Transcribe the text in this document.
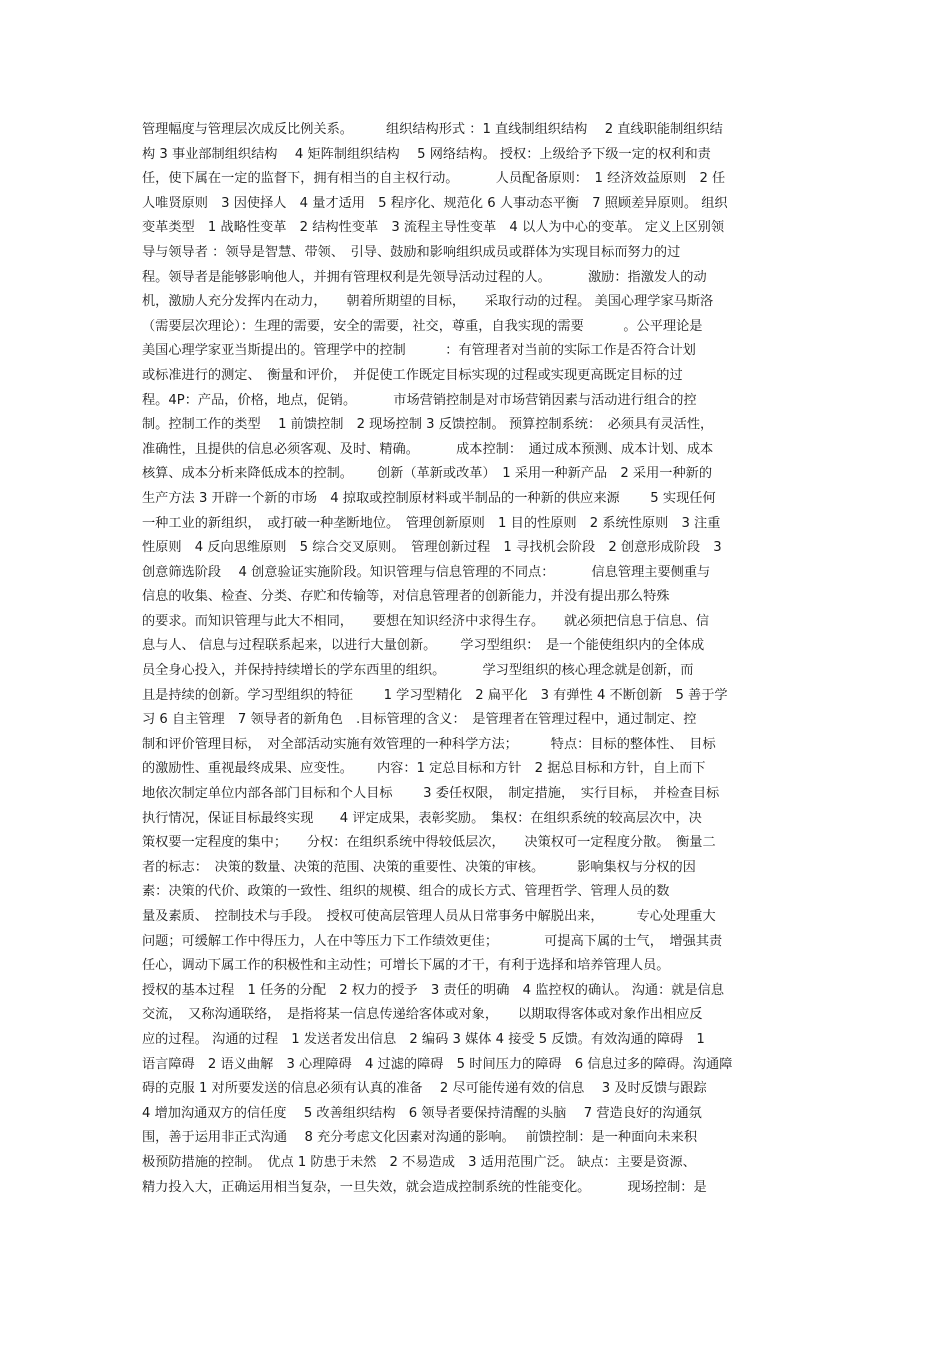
管理幅度与管理层次成反比例关系。　　　组织结构形式 ：1 直线制组织结构　 2 直线职能制组织结
构 3 事业部制组织结构　 4 矩阵制组织结构　 5 网络结构。 授权：上级给予下级一定的权利和责
任，使下属在一定的监督下，拥有相当的自主权行动。　　　 人员配备原则：　1 经济效益原则　2 任
人唯贤原则　3 因使择人　4 量才适用　5 程序化、规范化 6 人事动态平衡　7 照顾差异原则。 组织
变革类型　1 战略性变革　2 结构性变革　3 流程主导性变革　4 以人为中心的变革。 定义上区别领
导与领导者 ：领导是智慧、带领、　引导、鼓励和影响组织成员或群体为实现目标而努力的过
程。领导者是能够影响他人，并拥有管理权利是先领导活动过程的人。　　　 激励：指激发人的动
机，激励人充分发挥内在动力，　　朝着所期望的目标，　　采取行动的过程。 美国心理学家马斯洛
（需要层次理论）：生理的需要，安全的需要，社交，尊重，自我实现的需要　　　。公平理论是
美国心理学家亚当斯提出的。管理学中的控制　　　：有管理者对当前的实际工作是否符合计划
或标准进行的测定、　衡量和评价，　并促使工作既定目标实现的过程或实现更高既定目标的过
程。4P：产品，价格，地点，促销。　　　 市场营销控制是对市场营销因素与活动进行组合的控
制。控制工作的类型　 1 前馈控制　2 现场控制 3 反馈控制。 预算控制系统：　必须具有灵活性，
准确性，且提供的信息必须客观、及时、精确。　　　 成本控制：　通过成本预测、成本计划、成本
核算、成本分析来降低成本的控制。　　 创新（革新或改革）　1 采用一种新产品　2 采用一种新的
生产方法 3 开辟一个新的市场　4 掠取或控制原材料或半制品的一种新的供应来源　　 5 实现任何
一种工业的新组织，　或打破一种垄断地位。　管理创新原则　1 目的性原则　2 系统性原则　3 注重
性原则　4 反向思维原则　5 综合交叉原则。　管理创新过程　1 寻找机会阶段　2 创意形成阶段　3
创意筛选阶段　 4 创意验证实施阶段。知识管理与信息管理的不同点：　　　 信息管理主要侧重与
信息的收集、检查、分类、存贮和传输等，对信息管理者的创新能力，并没有提出那么特殊
的要求。而知识管理与此大不相同，　　要想在知识经济中求得生存。　　就必须把信息于信息、信
息与人、 信息与过程联系起来，以进行大量创新。　　 学习型组织：　是一个能使组织内的全体成
员全身心投入，并保持持续增长的学东西里的组织。　　　 学习型组织的核心理念就是创新，而
且是持续的创新。学习型组织的特征　　 1 学习型精化　2 扁平化　3 有弹性 4 不断创新　5 善于学
习 6 自主管理　7 领导者的新角色　.目标管理的含义：　是管理者在管理过程中，通过制定、控
制和评价管理目标，　对全部活动实施有效管理的一种科学方法；　　　特点：目标的整体性、　目标
的激励性、重视最终成果、应变性。　　 内容：1 定总目标和方针　2 据总目标和方针，自上而下
地依次制定单位内部各部门目标和个人目标　　 3 委任权限，　制定措施，　实行目标，　并检查目标
执行情况，保证目标最终实现　　4 评定成果，表彰奖励。　集权：在组织系统的较高层次中，决
策权要一定程度的集中；　　分权：在组织系统中得较低层次，　　决策权可一定程度分散。　衡量二
者的标志：　决策的数量、决策的范围、决策的重要性、决策的审核。　　　影响集权与分权的因
素：决策的代价、政策的一致性、组织的规模、组合的成长方式、管理哲学、管理人员的数
量及素质、　控制技术与手段。　授权可使高层管理人员从日常事务中解脱出来，　　　专心处理重大
问题；可缓解工作中得压力，人在中等压力下工作绩效更佳；　　　　可提高下属的士气，　增强其责
任心，调动下属工作的积极性和主动性；可增长下属的才干，有利于选择和培养管理人员。
授权的基本过程　1 任务的分配　2 权力的授予　3 责任的明确　4 监控权的确认。 沟通：就是信息
交流，　又称沟通联络，　是指将某一信息传递给客体或对象，　　以期取得客体或对象作出相应反
应的过程。 沟通的过程　1 发送者发出信息　2 编码 3 媒体 4 接受 5 反馈。有效沟通的障碍　1
语言障碍　2 语义曲解　3 心理障碍　4 过滤的障碍　5 时间压力的障碍　6 信息过多的障碍。沟通障
碍的克服 1 对所要发送的信息必须有认真的准备　 2 尽可能传递有效的信息　 3 及时反馈与跟踪
4 增加沟通双方的信任度　 5 改善组织结构　6 领导者要保持清醒的头脑　 7 营造良好的沟通氛
围，善于运用非正式沟通　 8 充分考虑文化因素对沟通的影响。　 前馈控制：是一种面向未来积
极预防措施的控制。　优点 1 防患于未然　2 不易造成　3 适用范围广泛。 缺点：主要是资源、
精力投入大，正确运用相当复杂，一旦失效，就会造成控制系统的性能变化。　　　 现场控制：是
